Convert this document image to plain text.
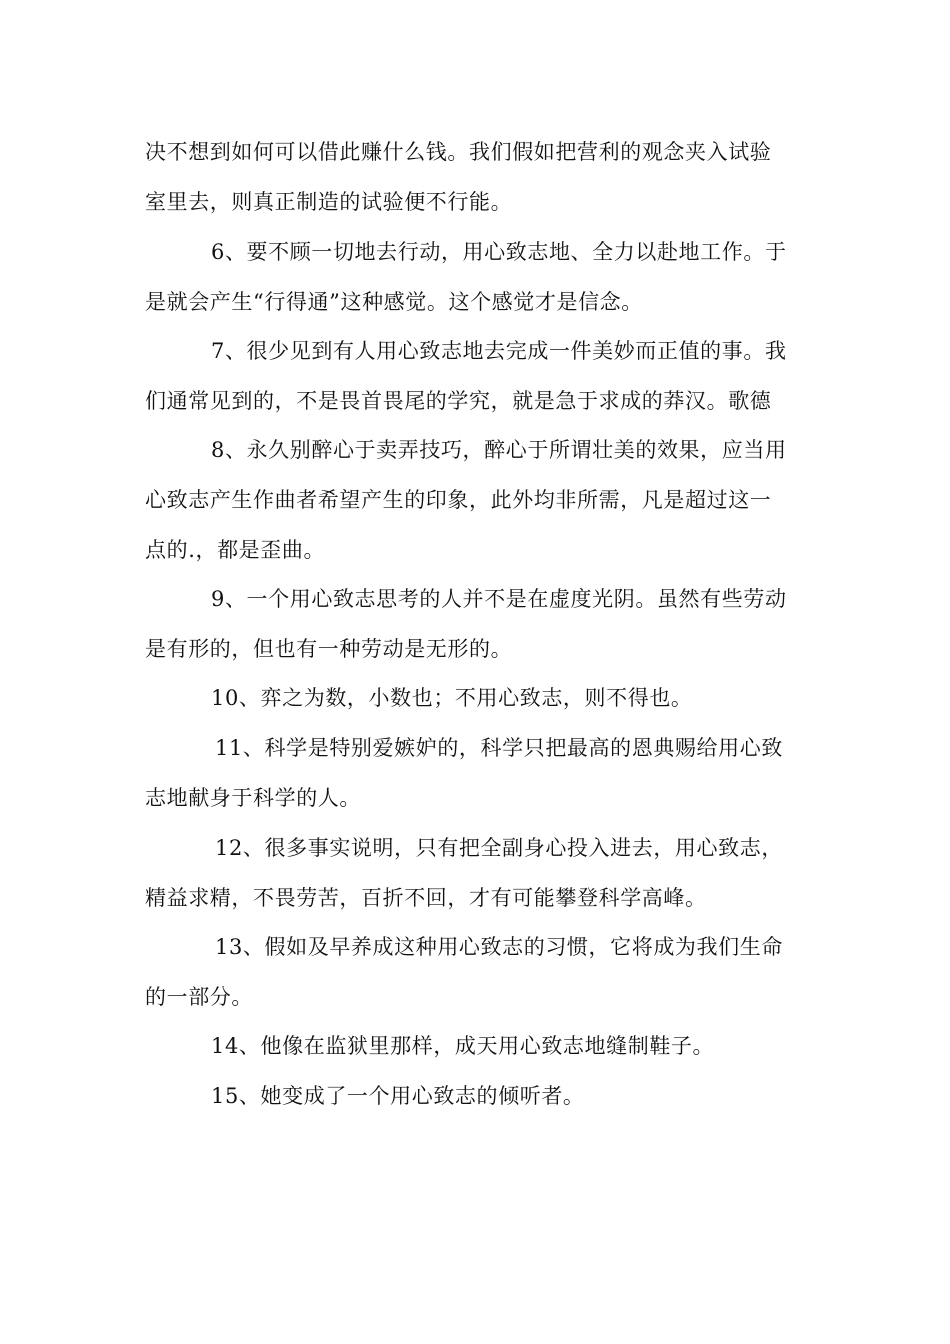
决不想到如何可以借此赚什么钱。我们假如把营利的观念夹入试验
室里去，则真正制造的试验便不行能。
6、要不顾一切地去行动，用心致志地、全力以赴地工作。于
是就会产生“行得通”这种感觉。这个感觉才是信念。
7、很少见到有人用心致志地去完成一件美妙而正值的事。我
们通常见到的，不是畏首畏尾的学究，就是急于求成的莽汉。歌德
8、永久别醉心于卖弄技巧，醉心于所谓壮美的效果，应当用
心致志产生作曲者希望产生的印象，此外均非所需，凡是超过这一
点的.，都是歪曲。
9、一个用心致志思考的人并不是在虚度光阴。虽然有些劳动
是有形的，但也有一种劳动是无形的。
10、弈之为数，小数也；不用心致志，则不得也。
11、科学是特别爱嫉妒的，科学只把最高的恩典赐给用心致
志地献身于科学的人。
12、很多事实说明，只有把全副身心投入进去，用心致志，
精益求精，不畏劳苦，百折不回，才有可能攀登科学高峰。
13、假如及早养成这种用心致志的习惯，它将成为我们生命
的一部分。
14、他像在监狱里那样，成天用心致志地缝制鞋子。
15、她变成了一个用心致志的倾听者。
